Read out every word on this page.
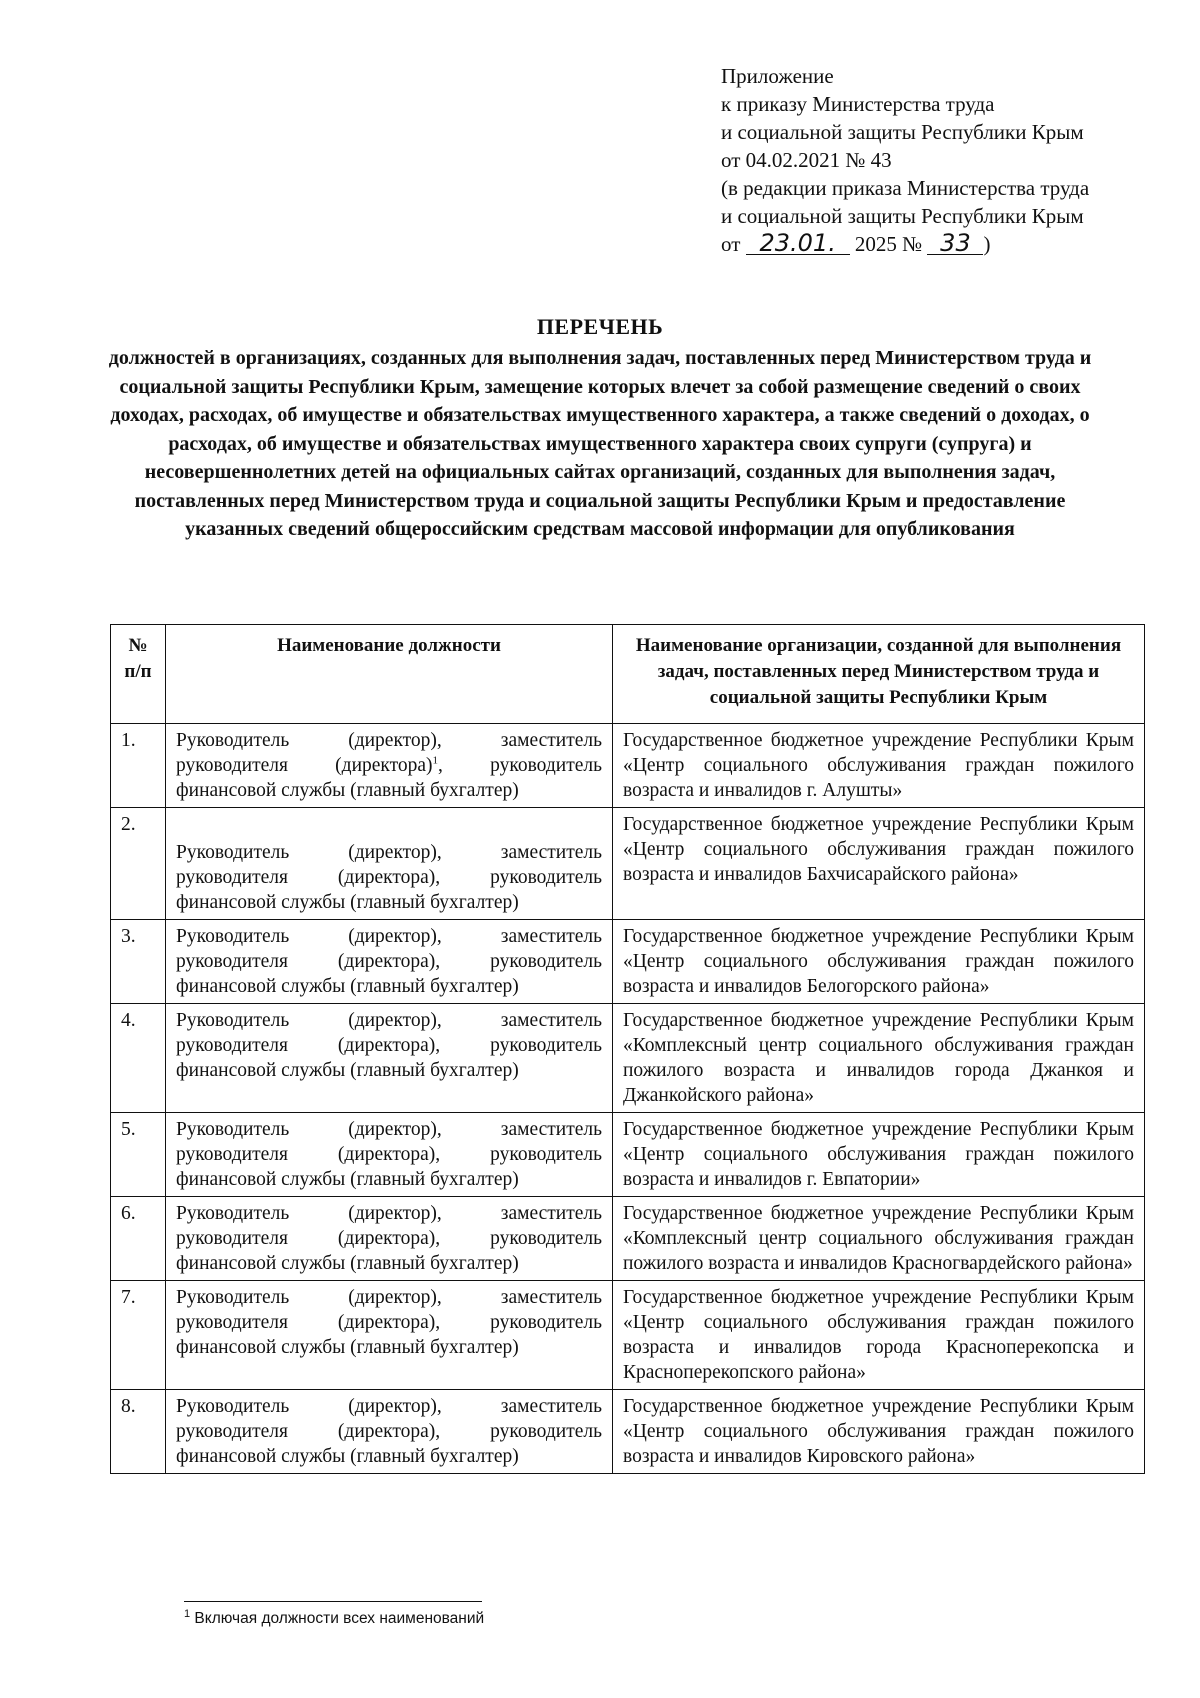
Приложение
к приказу Министерства труда
и социальной защиты Республики Крым
от 04.02.2021 № 43
(в редакции приказа Министерства труда
и социальной защиты Республики Крым
от 23.01. 2025 № 33 )
ПЕРЕЧЕНЬ
должностей в организациях, созданных для выполнения задач, поставленных перед Министерством труда и социальной защиты Республики Крым, замещение которых влечет за собой размещение сведений о своих доходах, расходах, об имуществе и обязательствах имущественного характера, а также сведений о доходах, о расходах, об имуществе и обязательствах имущественного характера своих супруги (супруга) и несовершеннолетних детей на официальных сайтах организаций, созданных для выполнения задач, поставленных перед Министерством труда и социальной защиты Республики Крым и предоставление указанных сведений общероссийским средствам массовой информации для опубликования
№ п/п	Наименование должности	Наименование организации, созданной для выполнения задач, поставленных перед Министерством труда и социальной защиты Республики Крым
1.	Руководитель (директор), заместитель руководителя (директора)$^1$, руководитель финансовой службы (главный бухгалтер)	Государственное бюджетное учреждение Республики Крым «Центр социального обслуживания граждан пожилого возраста и инвалидов г. Алушты»
2.	Руководитель (директор), заместитель руководителя (директора), руководитель финансовой службы (главный бухгалтер)	Государственное бюджетное учреждение Республики Крым «Центр социального обслуживания граждан пожилого возраста и инвалидов Бахчисарайского района»
3.	Руководитель (директор), заместитель руководителя (директора), руководитель финансовой службы (главный бухгалтер)	Государственное бюджетное учреждение Республики Крым «Центр социального обслуживания граждан пожилого возраста и инвалидов Белогорского района»
4.	Руководитель (директор), заместитель руководителя (директора), руководитель финансовой службы (главный бухгалтер)	Государственное бюджетное учреждение Республики Крым «Комплексный центр социального обслуживания граждан пожилого возраста и инвалидов города Джанкоя и Джанкойского района»
5.	Руководитель (директор), заместитель руководителя (директора), руководитель финансовой службы (главный бухгалтер)	Государственное бюджетное учреждение Республики Крым «Центр социального обслуживания граждан пожилого возраста и инвалидов г. Евпатории»
6.	Руководитель (директор), заместитель руководителя (директора), руководитель финансовой службы (главный бухгалтер)	Государственное бюджетное учреждение Республики Крым «Комплексный центр социального обслуживания граждан пожилого возраста и инвалидов Красногвардейского района»
7.	Руководитель (директор), заместитель руководителя (директора), руководитель финансовой службы (главный бухгалтер)	Государственное бюджетное учреждение Республики Крым «Центр социального обслуживания граждан пожилого возраста и инвалидов города Красноперекопска и Красноперекопского района»
8.	Руководитель (директор), заместитель руководителя (директора), руководитель финансовой службы (главный бухгалтер)	Государственное бюджетное учреждение Республики Крым «Центр социального обслуживания граждан пожилого возраста и инвалидов Кировского района»
$^1$ Включая должности всех наименований
